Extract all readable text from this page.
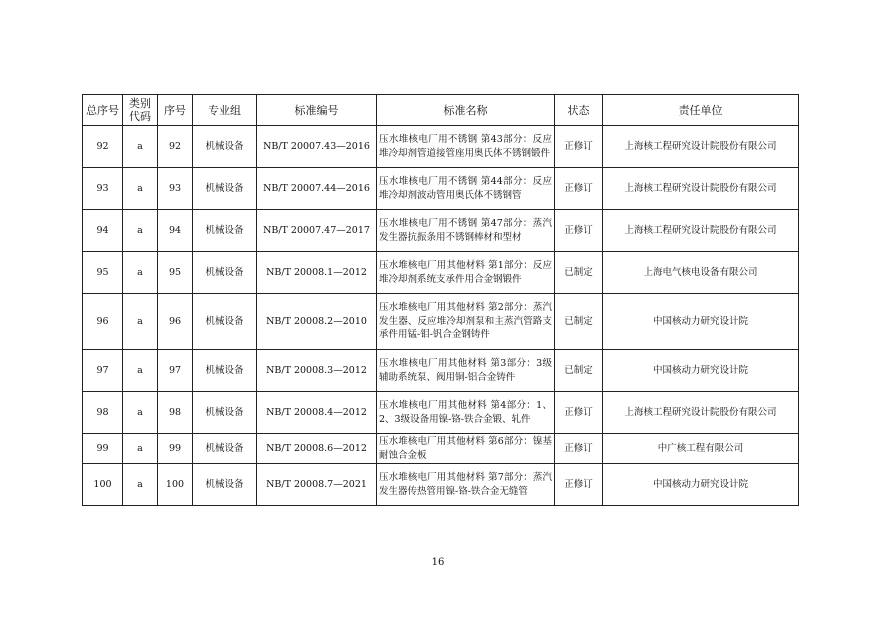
总序号	类别代码	序号	专业组	标准编号	标准名称	状态	责任单位
92	a	92	机械设备	NB/T 20007.43—2016	压水堆核电厂用不锈钢 第43部分：反应堆冷却剂管道接管座用奥氏体不锈钢锻件	正修订	上海核工程研究设计院股份有限公司
93	a	93	机械设备	NB/T 20007.44—2016	压水堆核电厂用不锈钢 第44部分：反应堆冷却剂波动管用奥氏体不锈钢管	正修订	上海核工程研究设计院股份有限公司
94	a	94	机械设备	NB/T 20007.47—2017	压水堆核电厂用不锈钢 第47部分：蒸汽发生器抗振条用不锈钢棒材和型材	正修订	上海核工程研究设计院股份有限公司
95	a	95	机械设备	NB/T 20008.1—2012	压水堆核电厂用其他材料 第1部分：反应堆冷却剂系统支承件用合金钢锻件	已制定	上海电气核电设备有限公司
96	a	96	机械设备	NB/T 20008.2—2010	压水堆核电厂用其他材料 第2部分：蒸汽发生器、反应堆冷却剂泵和主蒸汽管路支承件用锰-钼-钒合金钢铸件	已制定	中国核动力研究设计院
97	a	97	机械设备	NB/T 20008.3—2012	压水堆核电厂用其他材料 第3部分：3级辅助系统泵、阀用铜-铝合金铸件	已制定	中国核动力研究设计院
98	a	98	机械设备	NB/T 20008.4—2012	压水堆核电厂用其他材料 第4部分：1、2、3级设备用镍-铬-铁合金锻、轧件	正修订	上海核工程研究设计院股份有限公司
99	a	99	机械设备	NB/T 20008.6—2012	压水堆核电厂用其他材料 第6部分：镍基耐蚀合金板	正修订	中广核工程有限公司
100	a	100	机械设备	NB/T 20008.7—2021	压水堆核电厂用其他材料 第7部分：蒸汽发生器传热管用镍-铬-铁合金无缝管	正修订	中国核动力研究设计院
16
